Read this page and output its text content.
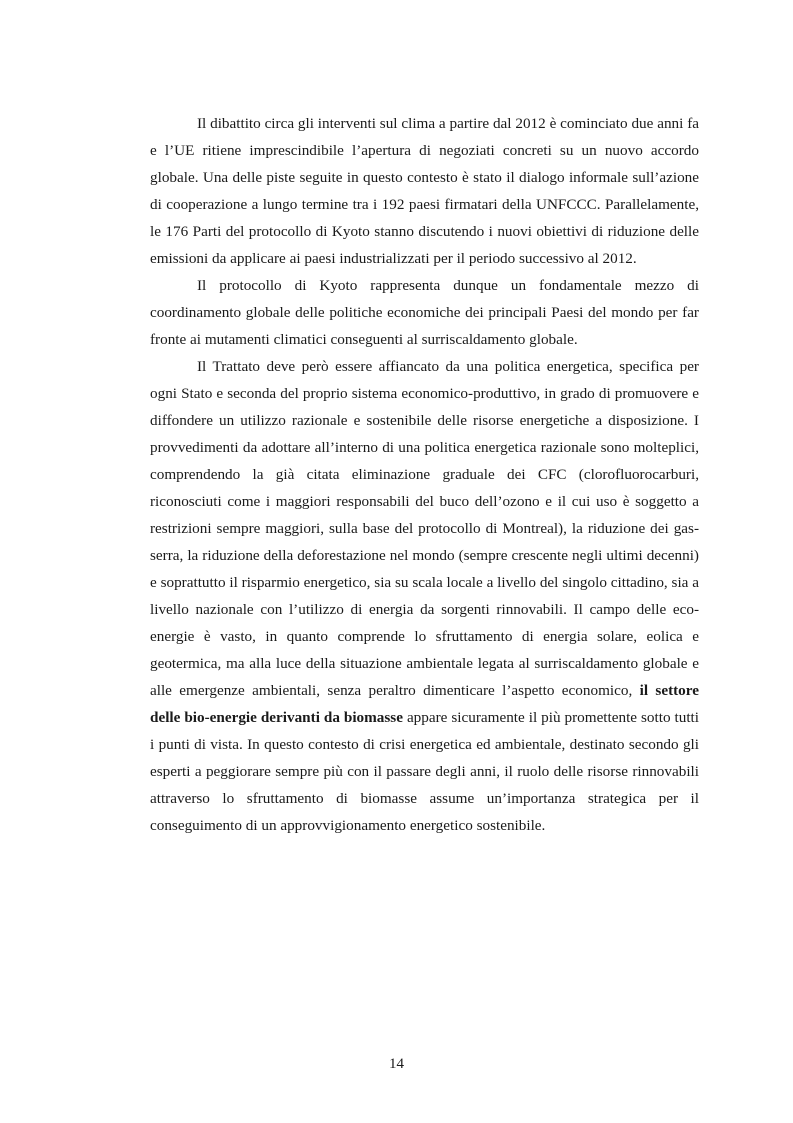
Il dibattito circa gli interventi sul clima a partire dal 2012 è cominciato due anni fa e l’UE ritiene imprescindibile l’apertura di negoziati concreti su un nuovo accordo globale. Una delle piste seguite in questo contesto è stato il dialogo informale sull’azione di cooperazione a lungo termine tra i 192 paesi firmatari della UNFCCC. Parallelamente, le 176 Parti del protocollo di Kyoto stanno discutendo i nuovi obiettivi di riduzione delle emissioni da applicare ai paesi industrializzati per il periodo successivo al 2012.

Il protocollo di Kyoto rappresenta dunque un fondamentale mezzo di coordinamento globale delle politiche economiche dei principali Paesi del mondo per far fronte ai mutamenti climatici conseguenti al surriscaldamento globale.

Il Trattato deve però essere affiancato da una politica energetica, specifica per ogni Stato e seconda del proprio sistema economico-produttivo, in grado di promuovere e diffondere un utilizzo razionale e sostenibile delle risorse energetiche a disposizione. I provvedimenti da adottare all’interno di una politica energetica razionale sono molteplici, comprendendo la già citata eliminazione graduale dei CFC (clorofluorocarburi, riconosciuti come i maggiori responsabili del buco dell’ozono e il cui uso è soggetto a restrizioni sempre maggiori, sulla base del protocollo di Montreal), la riduzione dei gas-serra, la riduzione della deforestazione nel mondo (sempre crescente negli ultimi decenni) e soprattutto il risparmio energetico, sia su scala locale a livello del singolo cittadino, sia a livello nazionale con l’utilizzo di energia da sorgenti rinnovabili. Il campo delle eco-energie è vasto, in quanto comprende lo sfruttamento di energia solare, eolica e geotermica, ma alla luce della situazione ambientale legata al surriscaldamento globale e alle emergenze ambientali, senza peraltro dimenticare l’aspetto economico, il settore delle bio-energie derivanti da biomasse appare sicuramente il più promettente sotto tutti i punti di vista. In questo contesto di crisi energetica ed ambientale, destinato secondo gli esperti a peggiorare sempre più con il passare degli anni, il ruolo delle risorse rinnovabili attraverso lo sfruttamento di biomasse assume un’importanza strategica per il conseguimento di un approvvigionamento energetico sostenibile.

14
